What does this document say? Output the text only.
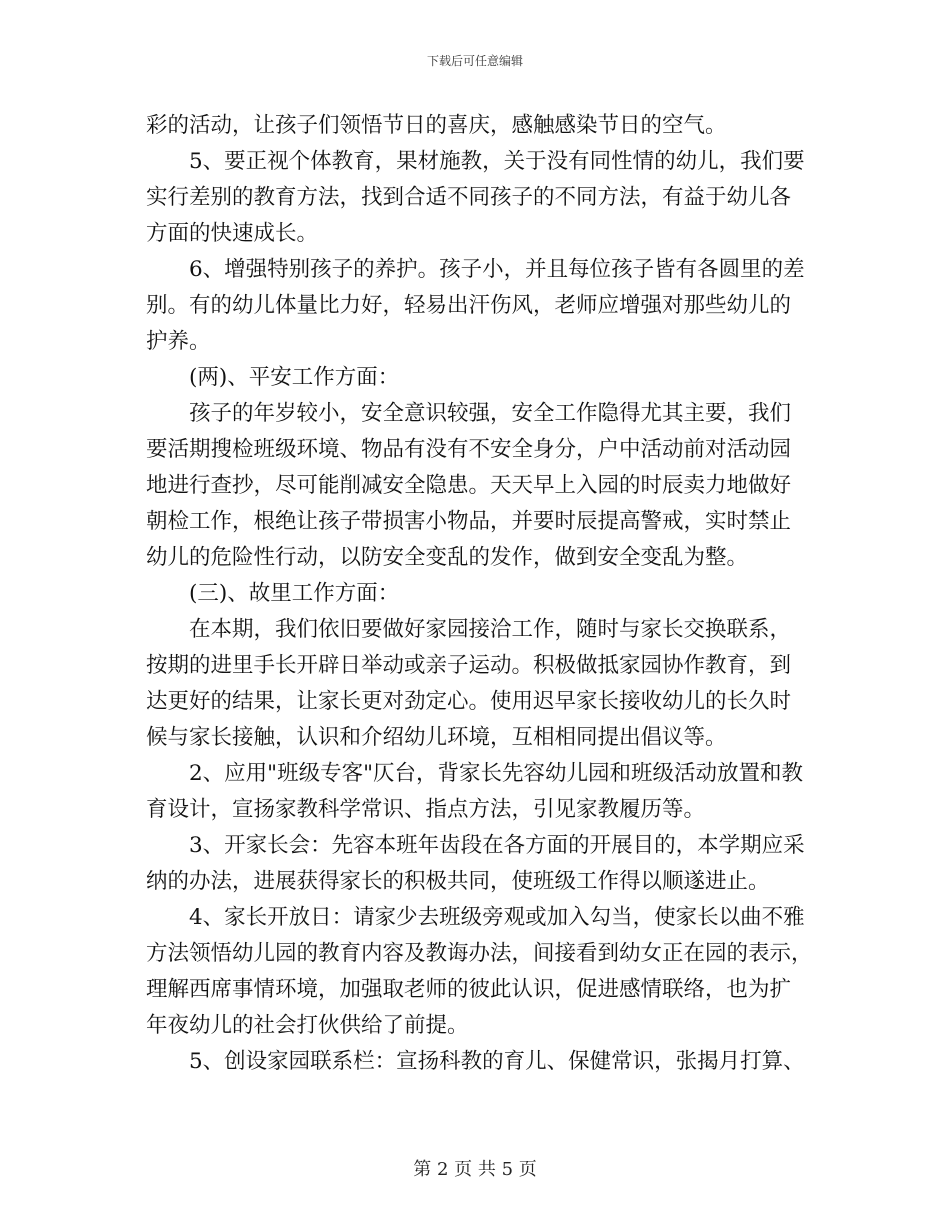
下载后可任意编辑

彩的活动，让孩子们领悟节日的喜庆，感触感染节日的空气。

　　5、要正视个体教育，果材施教，关于没有同性情的幼儿，我们要

实行差别的教育方法，找到合适不同孩子的不同方法，有益于幼儿各

方面的快速成长。

　　6、增强特别孩子的养护。孩子小，并且每位孩子皆有各圆里的差

别。有的幼儿体量比力好，轻易出汗伤风，老师应增强对那些幼儿的

护养。

　　(两)、平安工作方面：

　　孩子的年岁较小，安全意识较强，安全工作隐得尤其主要，我们

要活期搜检班级环境、物品有没有不安全身分，户中活动前对活动园

地进行查抄，尽可能削减安全隐患。天天早上入园的时辰卖力地做好

朝检工作，根绝让孩子带损害小物品，并要时辰提高警戒，实时禁止

幼儿的危险性行动，以防安全变乱的发作，做到安全变乱为整。

　　(三)、故里工作方面：

　　在本期，我们依旧要做好家园接洽工作，随时与家长交换联系，

按期的进里手长开辟日举动或亲子运动。积极做抵家园协作教育，到

达更好的结果，让家长更对劲定心。使用迟早家长接收幼儿的长久时

候与家长接触，认识和介绍幼儿环境，互相相同提出倡议等。

　　2、应用"班级专客"仄台，背家长先容幼儿园和班级活动放置和教

育设计，宣扬家教科学常识、指点方法，引见家教履历等。

　　3、开家长会：先容本班年齿段在各方面的开展目的，本学期应采

纳的办法，进展获得家长的积极共同，使班级工作得以顺遂进止。

　　4、家长开放日：请家少去班级旁观或加入勾当，使家长以曲不雅

方法领悟幼儿园的教育内容及教诲办法，间接看到幼女正在园的表示，

理解西席事情环境，加强取老师的彼此认识，促进感情联络，也为扩

年夜幼儿的社会打伙供给了前提。

　　5、创设家园联系栏：宣扬科教的育儿、保健常识，张揭月打算、

第 2 页 共 5 页
